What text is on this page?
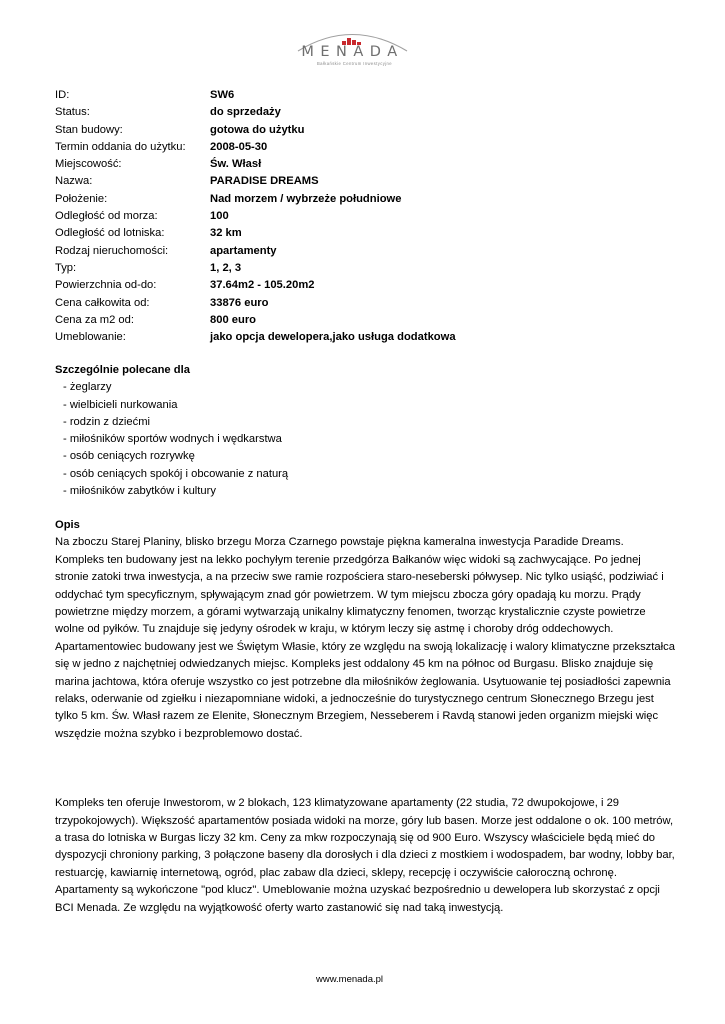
MENADA
Bałkańskie Centrum Inwestycyjne
ID:	SW6
Status:	do sprzedaży
Stan budowy:	gotowa do użytku
Termin oddania do użytku:	2008-05-30
Miejscowość:	Św. Własł
Nazwa:	PARADISE DREAMS
Położenie:	Nad morzem / wybrzeże południowe
Odległość od morza:	100
Odległość od lotniska:	32 km
Rodzaj nieruchomości:	apartamenty
Typ:	1, 2, 3
Powierzchnia od-do:	37.64m2 - 105.20m2
Cena całkowita od:	33876 euro
Cena za m2 od:	800 euro
Umeblowanie:	jako opcja dewelopera,jako usługa dodatkowa
Szczególnie polecane dla
- żeglarzy
- wielbicieli nurkowania
- rodzin z dziećmi
- miłośników sportów wodnych i wędkarstwa
- osób ceniących rozrywkę
- osób ceniących spokój i obcowanie z naturą
- miłośników zabytków i kultury
Opis

Na zboczu Starej Planiny, blisko brzegu Morza Czarnego powstaje piękna kameralna inwestycja Paradide Dreams. Kompleks ten budowany jest na lekko pochyłym terenie przedgórza Bałkanów więc widoki są zachwycające. Po jednej stronie zatoki trwa inwestycja, a na przeciw swe ramie rozpościera staro-neseberski półwysep. Nic tylko usiąść, podziwiać i oddychać tym specyficznym, spływającym znad gór powietrzem. W tym miejscu zbocza góry opadają ku morzu. Prądy powietrzne między morzem, a górami wytwarzają unikalny klimatyczny fenomen, tworząc krystalicznie czyste powietrze wolne od pyłków. Tu znajduje się jedyny ośrodek w kraju, w którym leczy się astmę i choroby dróg oddechowych. Apartamentowiec budowany jest we Świętym Własie, który ze względu na swoją lokalizację i walory klimatyczne przekształca się w jedno z najchętniej odwiedzanych miejsc. Kompleks jest oddalony 45 km na północ od Burgasu. Blisko znajduje się marina jachtowa, która oferuje wszystko co jest potrzebne dla miłośników żeglowania. Usytuowanie tej posiadłości zapewnia relaks, oderwanie od zgiełku i niezapomniane widoki, a jednocześnie do turystycznego centrum Słonecznego Brzegu jest tylko 5 km. Św. Własł razem ze Elenite, Słonecznym Brzegiem, Nesseberem i Ravdą stanowi jeden organizm miejski więc wszędzie można szybko i bezproblemowo dostać.

Kompleks ten oferuje Inwestorom, w 2 blokach, 123 klimatyzowane apartamenty (22 studia, 72 dwupokojowe, i 29 trzypokojowych). Większość apartamentów posiada widoki na morze, góry lub basen. Morze jest oddalone o ok. 100 metrów, a trasa do lotniska w Burgas liczy 32 km. Ceny za mkw rozpoczynają się od 900 Euro. Wszyscy właściciele będą mieć do dyspozycji chroniony parking, 3 połączone baseny dla dorosłych i dla dzieci z mostkiem i wodospadem, bar wodny, lobby bar, restuarcję, kawiarnię internetową, ogród, plac zabaw dla dzieci, sklepy, recepcję i oczywiście całoroczną ochronę. Apartamenty są wykończone "pod klucz". Umeblowanie można uzyskać bezpośrednio u dewelopera lub skorzystać z opcji BCI Menada. Ze względu na wyjątkowość oferty warto zastanowić się nad taką inwestycją.

www.menada.pl
